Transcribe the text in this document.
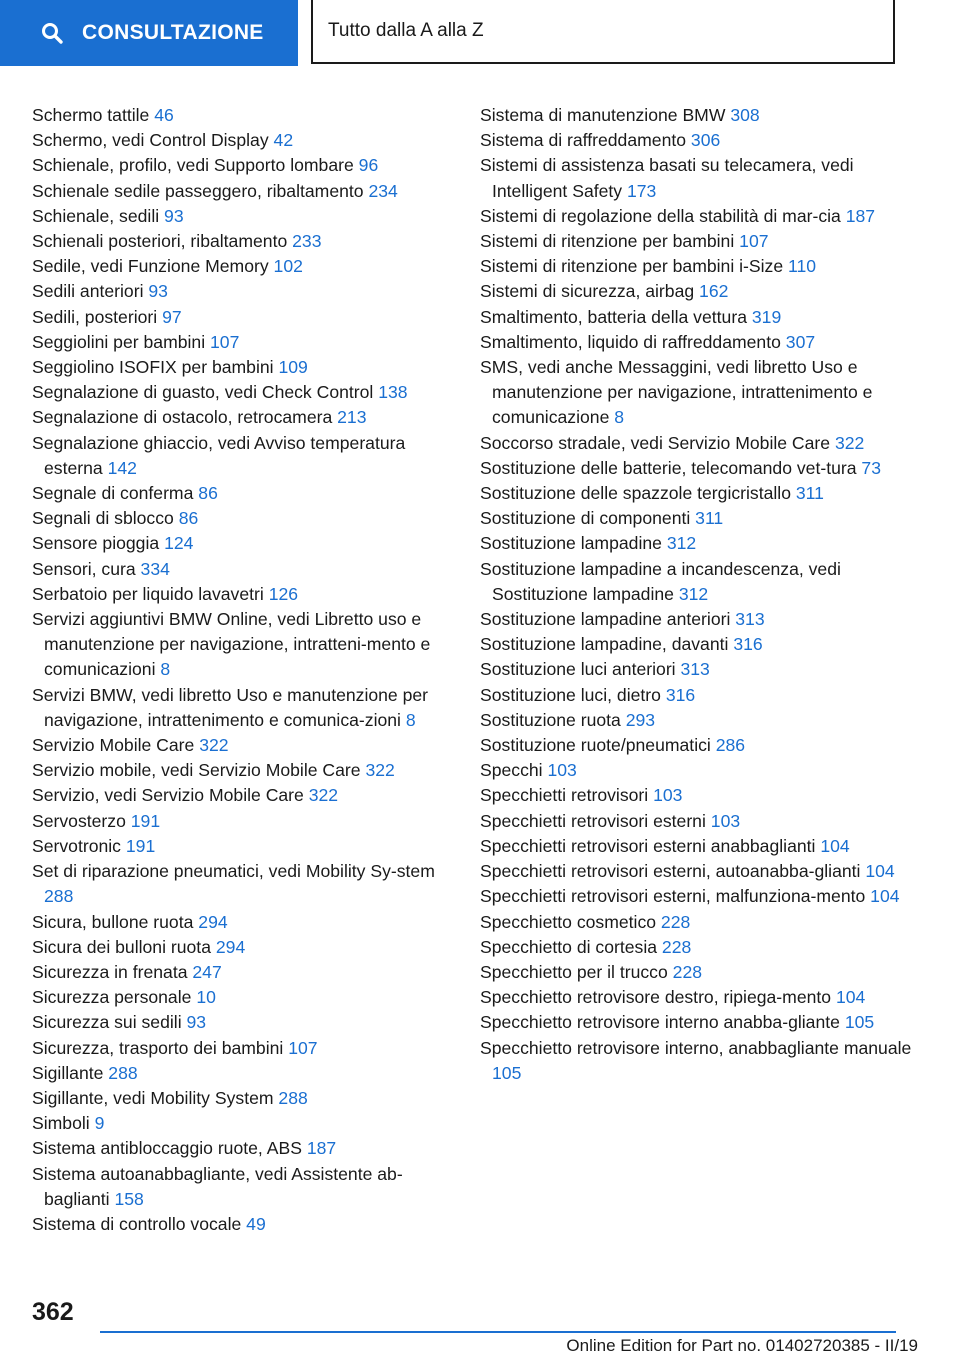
CONSULTAZIONE	Tutto dalla A alla Z
Schermo tattile 46
Schermo, vedi Control Display 42
Schienale, profilo, vedi Supporto lombare 96
Schienale sedile passeggero, ribaltamento 234
Schienale, sedili 93
Schienali posteriori, ribaltamento 233
Sedile, vedi Funzione Memory 102
Sedili anteriori 93
Sedili, posteriori 97
Seggiolini per bambini 107
Seggiolino ISOFIX per bambini 109
Segnalazione di guasto, vedi Check Control 138
Segnalazione di ostacolo, retrocamera 213
Segnalazione ghiaccio, vedi Avviso temperatura esterna 142
Segnale di conferma 86
Segnali di sblocco 86
Sensore pioggia 124
Sensori, cura 334
Serbatoio per liquido lavavetri 126
Servizi aggiuntivi BMW Online, vedi Libretto uso e manutenzione per navigazione, intratteni‐mento e comunicazioni 8
Servizi BMW, vedi libretto Uso e manutenzione per navigazione, intrattenimento e comunica‐zioni 8
Servizio Mobile Care 322
Servizio mobile, vedi Servizio Mobile Care 322
Servizio, vedi Servizio Mobile Care 322
Servosterzo 191
Servotronic 191
Set di riparazione pneumatici, vedi Mobility Sy‐stem 288
Sicura, bullone ruota 294
Sicura dei bulloni ruota 294
Sicurezza in frenata 247
Sicurezza personale 10
Sicurezza sui sedili 93
Sicurezza, trasporto dei bambini 107
Sigillante 288
Sigillante, vedi Mobility System 288
Simboli 9
Sistema antibloccaggio ruote, ABS 187
Sistema autoanabbagliante, vedi Assistente ab‐baglianti 158
Sistema di controllo vocale 49
Sistema di manutenzione BMW 308
Sistema di raffreddamento 306
Sistemi di assistenza basati su telecamera, vedi Intelligent Safety 173
Sistemi di regolazione della stabilità di mar‐cia 187
Sistemi di ritenzione per bambini 107
Sistemi di ritenzione per bambini i-Size 110
Sistemi di sicurezza, airbag 162
Smaltimento, batteria della vettura 319
Smaltimento, liquido di raffreddamento 307
SMS, vedi anche Messaggini, vedi libretto Uso e manutenzione per navigazione, intrattenimento e comunicazione 8
Soccorso stradale, vedi Servizio Mobile Care 322
Sostituzione delle batterie, telecomando vet‐tura 73
Sostituzione delle spazzole tergicristallo 311
Sostituzione di componenti 311
Sostituzione lampadine 312
Sostituzione lampadine a incandescenza, vedi Sostituzione lampadine 312
Sostituzione lampadine anteriori 313
Sostituzione lampadine, davanti 316
Sostituzione luci anteriori 313
Sostituzione luci, dietro 316
Sostituzione ruota 293
Sostituzione ruote/pneumatici 286
Specchi 103
Specchietti retrovisori 103
Specchietti retrovisori esterni 103
Specchietti retrovisori esterni anabbaglianti 104
Specchietti retrovisori esterni, autoanabba‐glianti 104
Specchietti retrovisori esterni, malfunziona‐mento 104
Specchietto cosmetico 228
Specchietto di cortesia 228
Specchietto per il trucco 228
Specchietto retrovisore destro, ripiega‐mento 104
Specchietto retrovisore interno anabba‐gliante 105
Specchietto retrovisore interno, anabbagliante manuale 105
362
Online Edition for Part no. 01402720385 - II/19
